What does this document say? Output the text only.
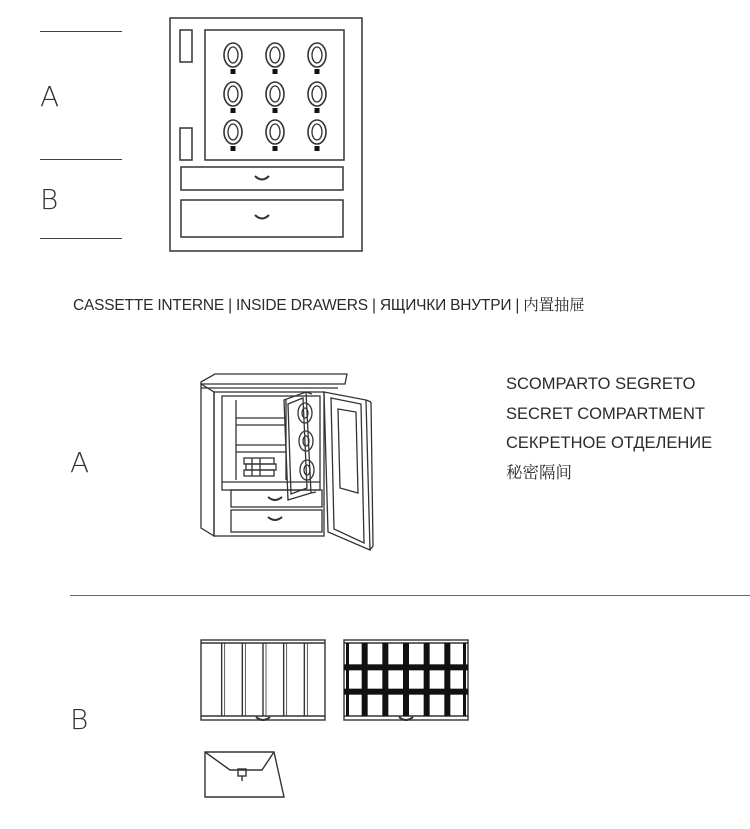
A
B
CASSETTE INTERNE | INSIDE DRAWERS | ЯЩИЧКИ ВНУТРИ | 内置抽屉
A
SCOMPARTO SEGRETO
SECRET COMPARTMENT
СЕКРЕТНОЕ ОТДЕЛЕНИЕ
秘密隔间
B
